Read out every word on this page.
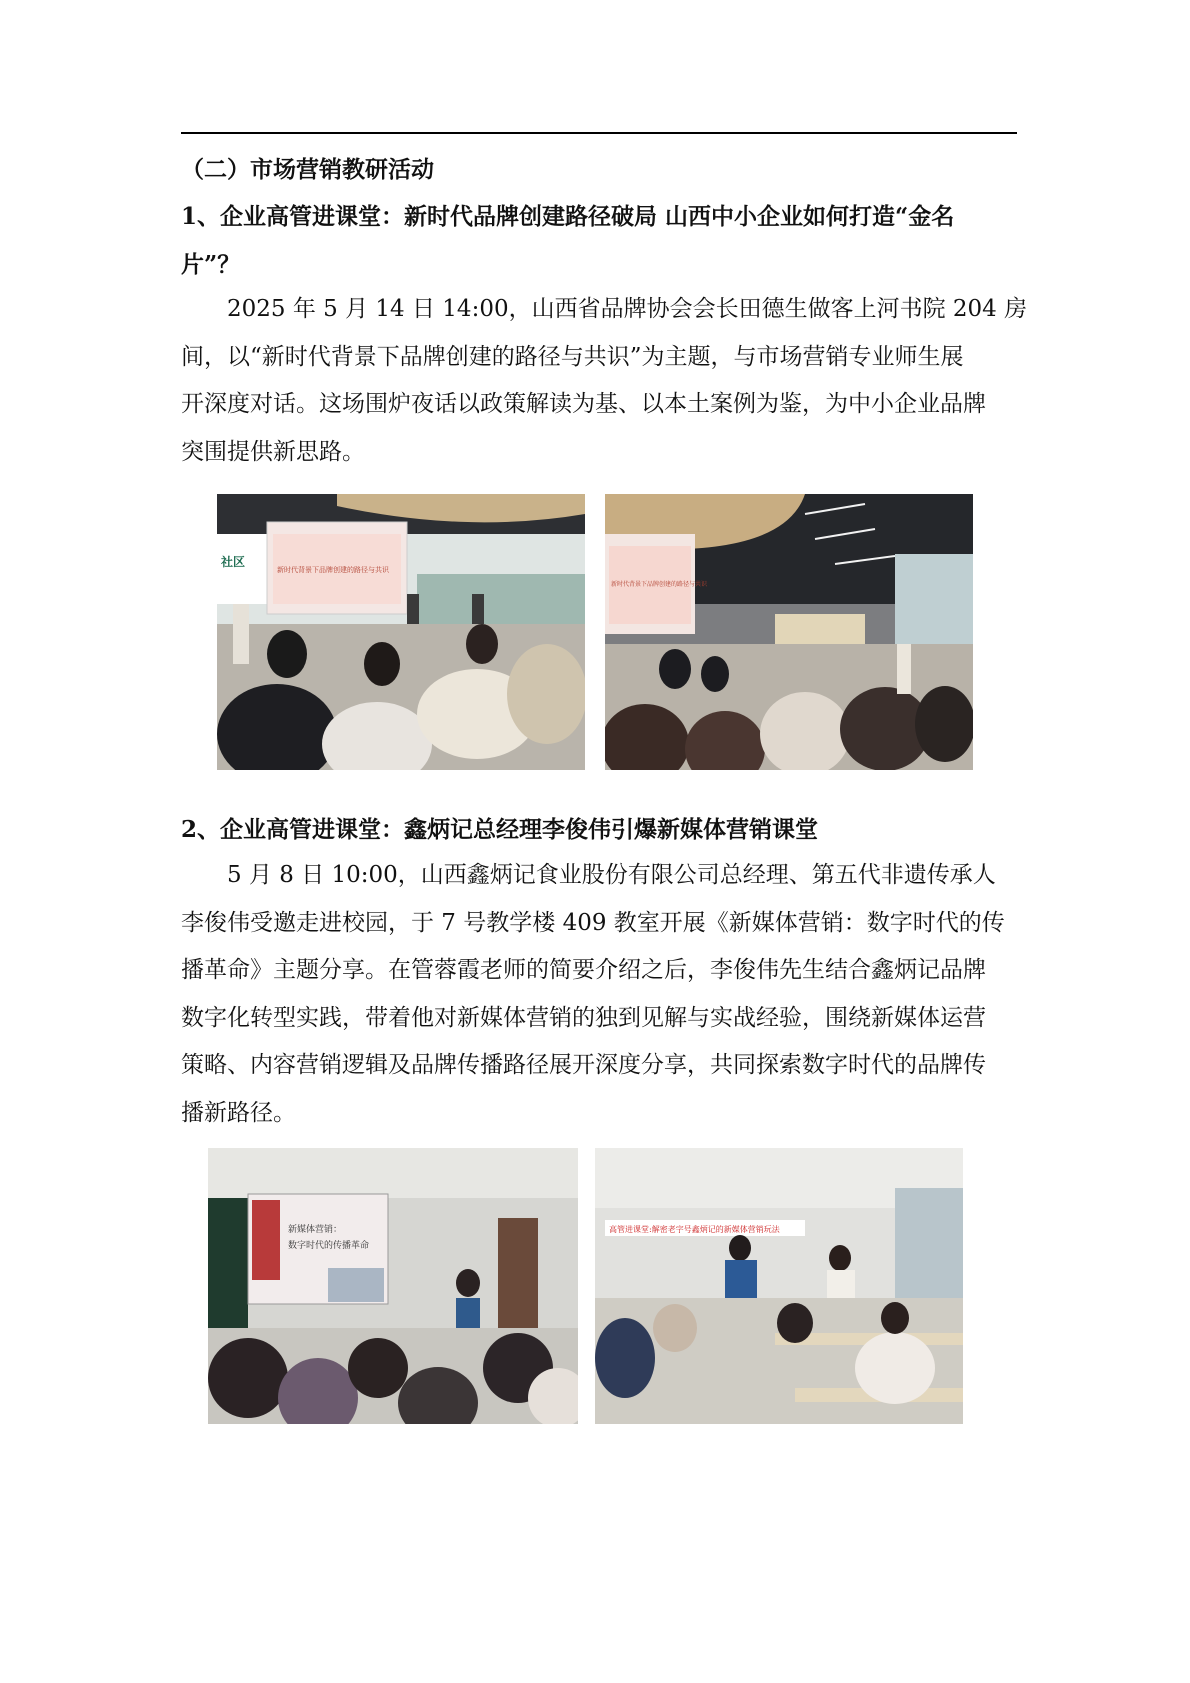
（二）市场营销教研活动
1、企业高管进课堂：新时代品牌创建路径破局 山西中小企业如何打造“金名
片”？
2025 年 5 月 14 日 14:00，山西省品牌协会会长田德生做客上河书院 204 房
间，以“新时代背景下品牌创建的路径与共识”为主题，与市场营销专业师生展
开深度对话。这场围炉夜话以政策解读为基、以本土案例为鉴，为中小企业品牌
突围提供新思路。
社区
新时代背景下品牌创建的路径与共识
新时代背景下品牌创建的路径与共识
2、企业高管进课堂：鑫炳记总经理李俊伟引爆新媒体营销课堂
5 月 8 日 10:00，山西鑫炳记食业股份有限公司总经理、第五代非遗传承人
李俊伟受邀走进校园，于 7 号教学楼 409 教室开展《新媒体营销：数字时代的传
播革命》主题分享。在管蓉霞老师的简要介绍之后，李俊伟先生结合鑫炳记品牌
数字化转型实践，带着他对新媒体营销的独到见解与实战经验，围绕新媒体运营
策略、内容营销逻辑及品牌传播路径展开深度分享，共同探索数字时代的品牌传
播新路径。
新媒体营销：
数字时代的传播革命
高管进课堂:解密老字号鑫炳记的新媒体营销玩法
